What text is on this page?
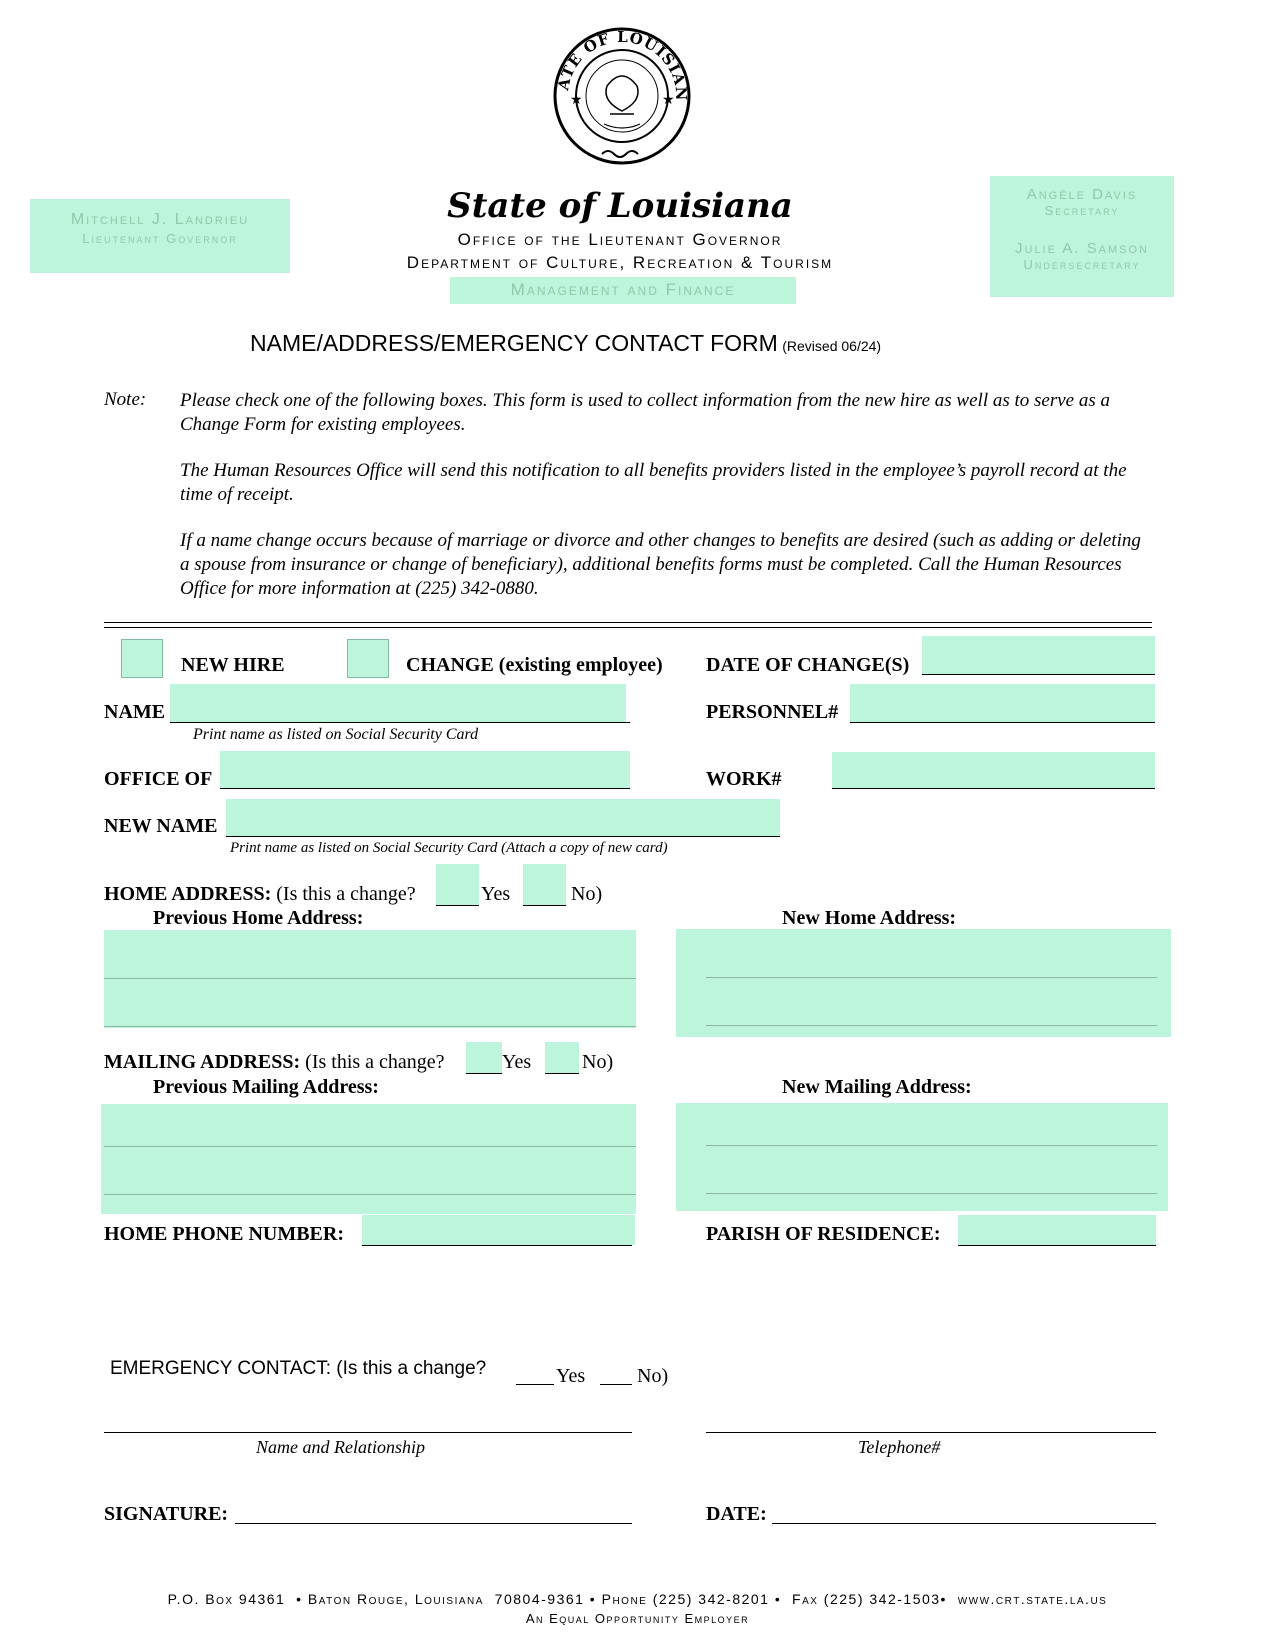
ATE OF LOUISIAN
★	★
Mitchell J. Landrieu
Lieutenant Governor
State of Louisiana
Office of the Lieutenant Governor
Department of Culture, Recreation & Tourism
Management and Finance
Angèle Davis
Secretary
Julie A. Samson
Undersecretary
NAME/ADDRESS/EMERGENCY CONTACT FORM (Revised 06/24)
Note: Please check one of the following boxes. This form is used to collect information from the new hire as well as to serve as a Change Form for existing employees.

The Human Resources Office will send this notification to all benefits providers listed in the employee’s payroll record at the time of receipt.

If a name change occurs because of marriage or divorce and other changes to benefits are desired (such as adding or deleting a spouse from insurance or change of beneficiary), additional benefits forms must be completed. Call the Human Resources Office for more information at (225) 342-0880.

NEW HIRE	CHANGE (existing employee) DATE OF CHANGE(S)
NAME
Print name as listed on Social Security Card
PERSONNEL#
OFFICE OF	WORK#
NEW NAME
Print name as listed on Social Security Card (Attach a copy of new card)
HOME ADDRESS: (Is this a change?	Yes	No)
Previous Home Address:	New Home Address:
MAILING ADDRESS: (Is this a change?	Yes	No)
Previous Mailing Address:	New Mailing Address:
HOME PHONE NUMBER:	PARISH OF RESIDENCE:
EMERGENCY CONTACT: (Is this a change?	Yes	No)
Name and Relationship	Telephone#
SIGNATURE:	DATE:
P.O. Box 94361  • Baton Rouge, Louisiana  70804-9361 • Phone (225) 342-8201 •  Fax (225) 342-1503•  www.crt.state.la.us
An Equal Opportunity Employer
